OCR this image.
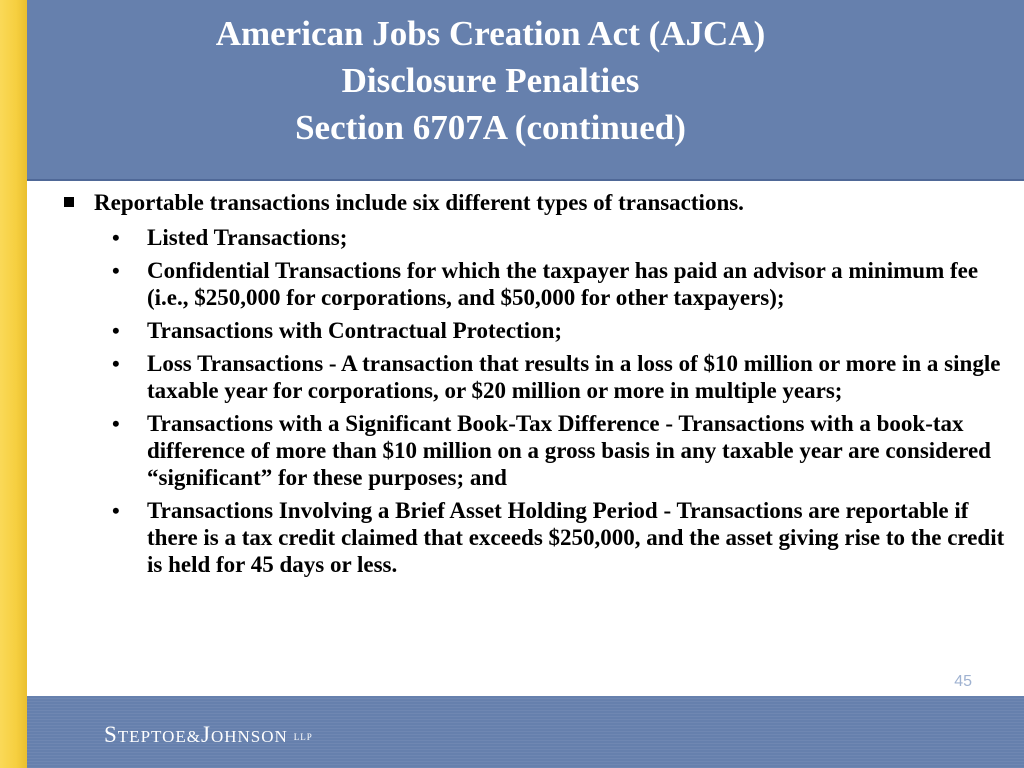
American Jobs Creation Act (AJCA)
Disclosure Penalties
Section 6707A (continued)
Reportable transactions include six different types of transactions.
•	Listed Transactions;
•	Confidential Transactions for which the taxpayer has paid an advisor a minimum fee (i.e., $250,000 for corporations, and $50,000 for other taxpayers);
•	Transactions with Contractual Protection;
•	Loss Transactions - A transaction that results in a loss of $10 million or more in a single taxable year for corporations, or $20 million or more in multiple years;
•	Transactions with a Significant Book-Tax Difference - Transactions with a book-tax difference of more than $10 million on a gross basis in any taxable year are considered “significant” for these purposes; and
•	Transactions Involving a Brief Asset Holding Period - Transactions are reportable if there is a tax credit claimed that exceeds $250,000, and the asset giving rise to the credit is held for 45 days or less.
45
STEPTOE&JOHNSON LLP
